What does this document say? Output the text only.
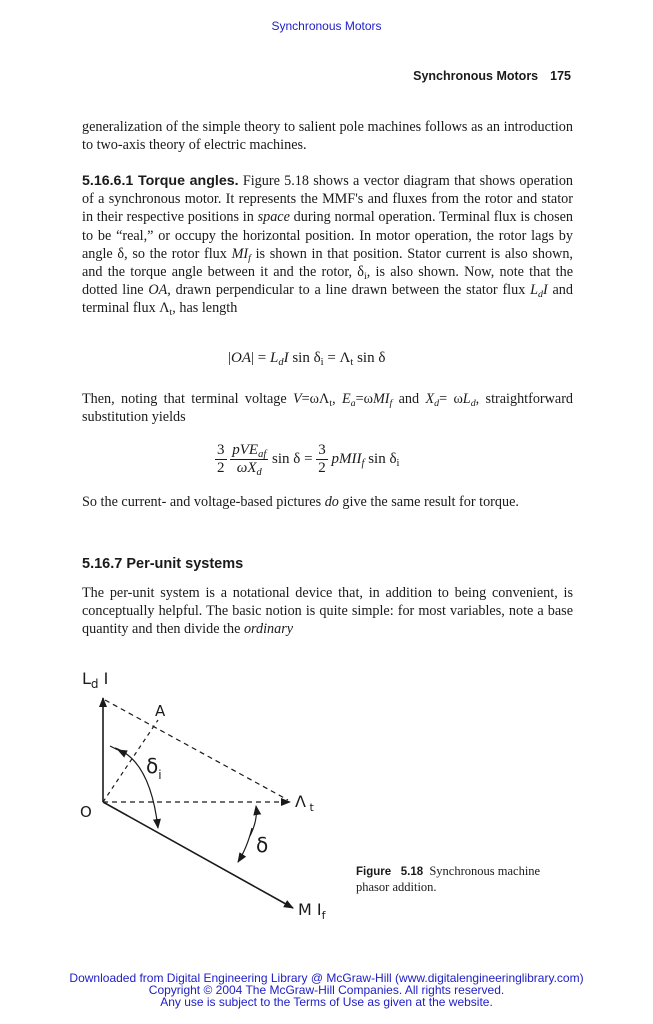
Synchronous Motors
Synchronous Motors 175

generalization of the simple theory to salient pole machines follows as an introduction to two-axis theory of electric machines.

5.16.6.1 Torque angles. Figure 5.18 shows a vector diagram that shows operation of a synchronous motor. It represents the MMF's and fluxes from the rotor and stator in their respective positions in space during normal operation. Terminal flux is chosen to be “real,” or occupy the horizontal position. In motor operation, the rotor lags by angle δ, so the rotor flux $MI_f$ is shown in that position. Stator current is also shown, and the torque angle between it and the rotor, $\delta_i$, is also shown. Now, note that the dotted line OA, drawn perpendicular to a line drawn between the stator flux $L_dI$ and terminal flux $\Lambda_t$, has length

$|OA| = L_dI$ $\sin \delta_i = \Lambda_t$ sin δ

Then, noting that terminal voltage $V=\omega\Lambda_t$, $E_a=\omega MI_f$ and $X_d= \omega L_d$, straightforward substitution yields

$\frac{3}{2}$
$\frac{pVE_{af}}{\omega X_d}$ $\sin \delta = \frac{3}{2}$ pMII$_f$ $\sin \delta_i$

So the current- and voltage-based pictures do give the same result for torque.

5.16.7 Per-unit systems

The per-unit system is a notational device that, in addition to being convenient, is conceptually helpful. The basic notion is quite simple: for most variables, note a base quantity and then divide the ordinary

$L_d$ I
A
O
Λ $_t$
$\delta_i$
δ
M $I_f$
Figure   5.18 Synchronous machine phasor addition.
Downloaded from Digital Engineering Library @ McGraw-Hill (www.digitalengineeringlibrary.com)
Copyright © 2004 The McGraw-Hill Companies. All rights reserved.
Any use is subject to the Terms of Use as given at the website.
